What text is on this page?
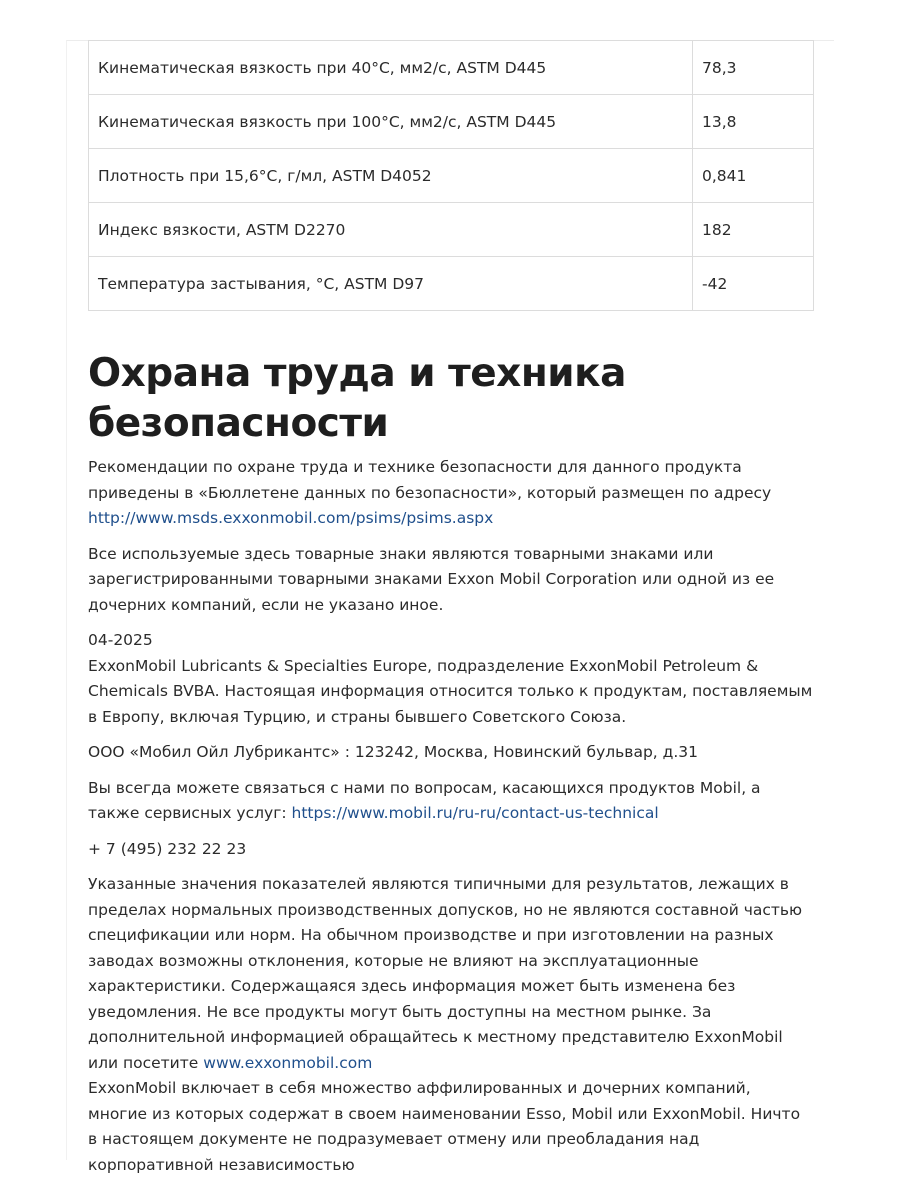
Кинематическая вязкость при 40°C, мм2/с, ASTM D445	78,3
Кинематическая вязкость при 100°C, мм2/с, ASTM D445	13,8
Плотность при 15,6°C, г/мл, ASTM D4052	0,841
Индекс вязкости, ASTM D2270	182
Температура застывания, °C, ASTM D97	-42
Охрана труда и техника
безопасности

Рекомендации по охране труда и технике безопасности для данного продукта приведены в «Бюллетене данных по безопасности», который размещен по адресу http://www.msds.exxonmobil.com/psims/psims.aspx

Все используемые здесь товарные знаки являются товарными знаками или зарегистрированными товарными знаками Exxon Mobil Corporation или одной из ее дочерних компаний, если не указано иное.

04-2025
ExxonMobil Lubricants & Specialties Europe, подразделение ExxonMobil Petroleum & Chemicals BVBA. Настоящая информация относится только к продуктам, поставляемым в Европу, включая Турцию, и страны бывшего Советского Союза.

ООО «Мобил Ойл Лубрикантс» : 123242, Москва, Новинский бульвар, д.31

Вы всегда можете связаться с нами по вопросам, касающихся продуктов Mobil, а также сервисных услуг: https://www.mobil.ru/ru-ru/contact-us-technical

+ 7 (495) 232 22 23

Указанные значения показателей являются типичными для результатов, лежащих в пределах нормальных производственных допусков, но не являются составной частью спецификации или норм. На обычном производстве и при изготовлении на разных заводах возможны отклонения, которые не влияют на эксплуатационные характеристики. Содержащаяся здесь информация может быть изменена без уведомления. Не все продукты могут быть доступны на местном рынке. За дополнительной информацией обращайтесь к местному представителю ExxonMobil или посетите www.exxonmobil.com
ExxonMobil включает в себя множество аффилированных и дочерних компаний, многие из которых содержат в своем наименовании Esso, Mobil или ExxonMobil. Ничто в настоящем документе не подразумевает отмену или преобладания над корпоративной независимостью
